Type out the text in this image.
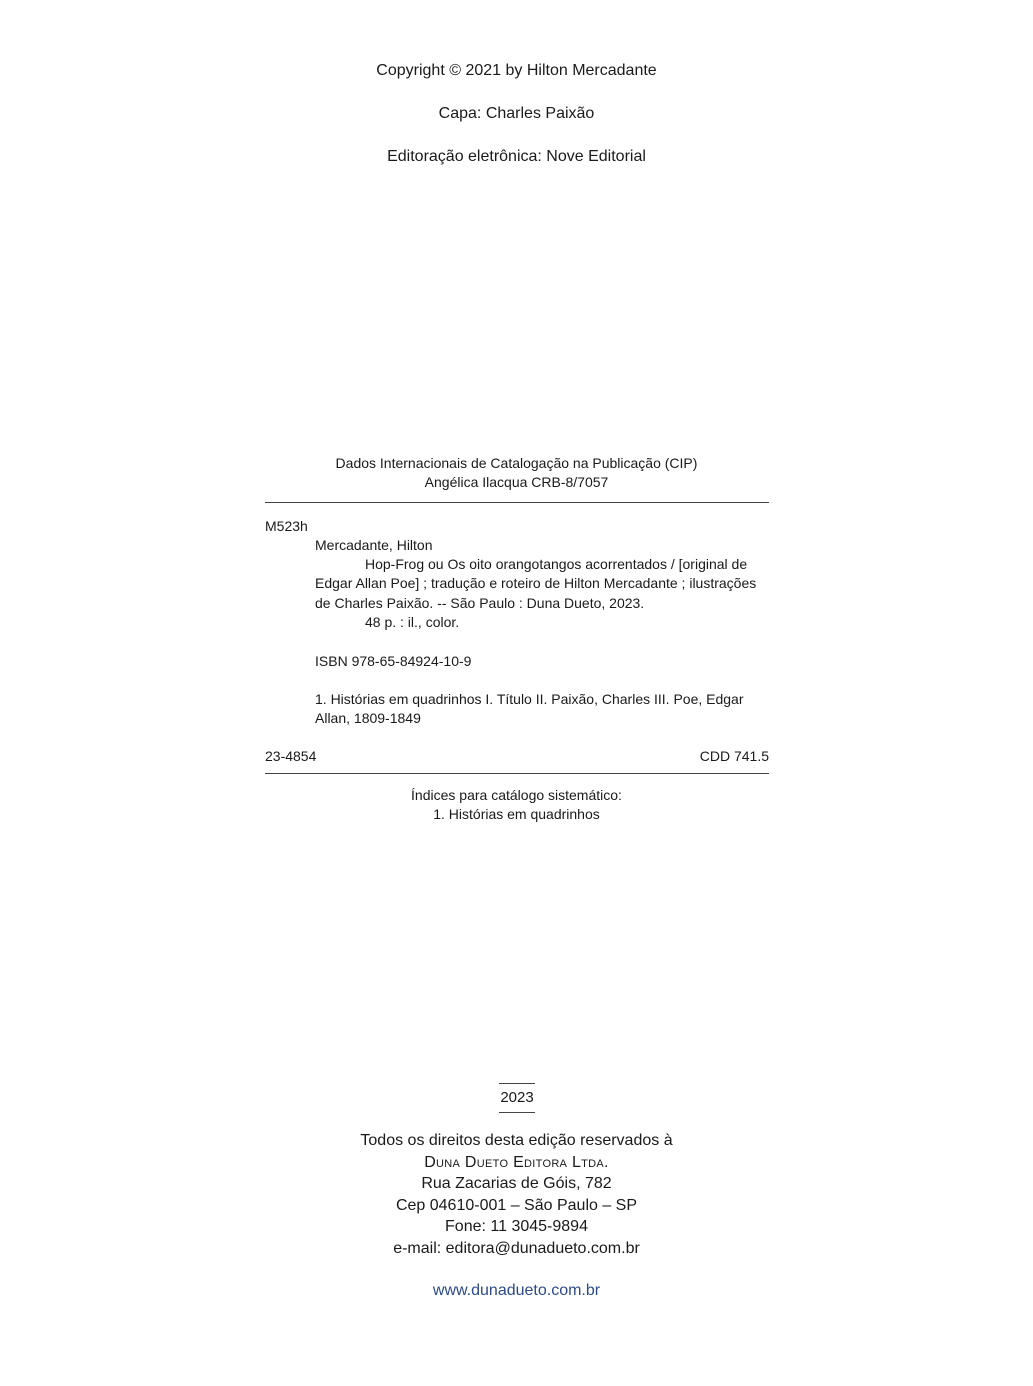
Copyright © 2021 by Hilton Mercadante
Capa: Charles Paixão
Editoração eletrônica: Nove Editorial
Dados Internacionais de Catalogação na Publicação (CIP)
Angélica Ilacqua CRB-8/7057
M523h
Mercadante, Hilton
Hop-Frog ou Os oito orangotangos acorrentados / [original de
Edgar Allan Poe] ; tradução e roteiro de Hilton Mercadante ; ilustrações
de Charles Paixão. -- São Paulo : Duna Dueto, 2023.
48 p. : il., color.
ISBN 978-65-84924-10-9
1. Histórias em quadrinhos I. Título II. Paixão, Charles III. Poe, Edgar
Allan, 1809-1849
23-4854	CDD 741.5
Índices para catálogo sistemático:
1. Histórias em quadrinhos
2023
Todos os direitos desta edição reservados à
Duna Dueto Editora Ltda.
Rua Zacarias de Góis, 782
Cep 04610-001 – São Paulo – SP
Fone: 11 3045-9894
e-mail: editora@dunadueto.com.br
www.dunadueto.com.br
